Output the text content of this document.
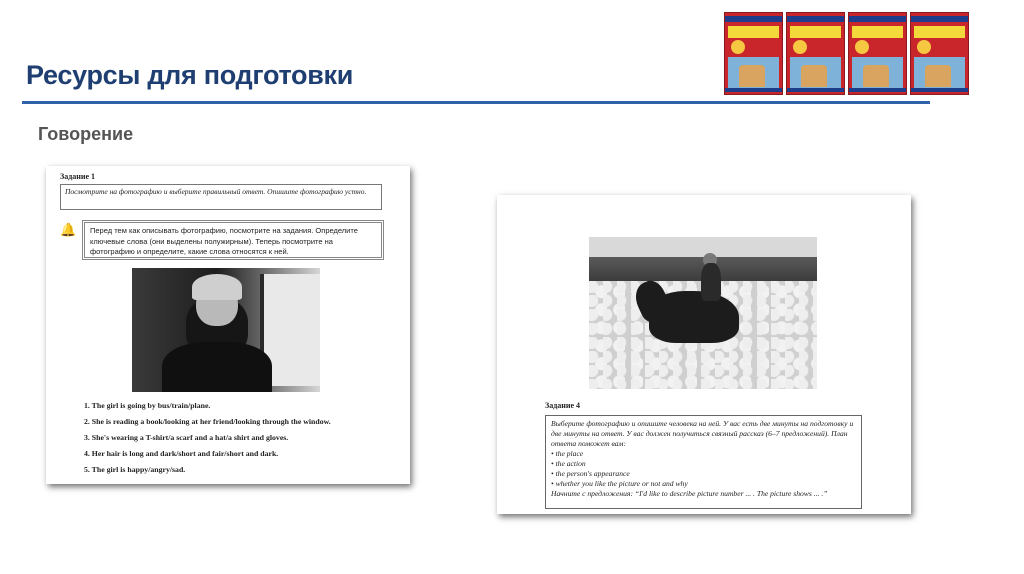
Ресурсы для подготовки
Говорение
Задание 1
Посмотрите на фотографию и выберите правильный ответ. Опишите фотографию устно.
🔔	Перед тем как описывать фотографию, посмотрите на задания. Определите ключевые слова (они выделены полужирным). Теперь посмотрите на фотографию и определите, какие слова относятся к ней.
1. The girl is going by bus/train/plane.
2. She is reading a book/looking at her friend/looking through the window.
3. She's wearing a T-shirt/a scarf and a hat/a shirt and gloves.
4. Her hair is long and dark/short and fair/short and dark.
5. The girl is happy/angry/sad.
Задание 4
Выберите фотографию и опишите человека на ней. У вас есть две минуты на подготовку и две минуты на ответ. У вас должен получиться связный рассказ (6–7 предложений). План ответа поможет вам:
• the place
• the action
• the person's appearance
• whether you like the picture or not and why
Начните с предложения: “I'd like to describe picture number ... . The picture shows ... .”
